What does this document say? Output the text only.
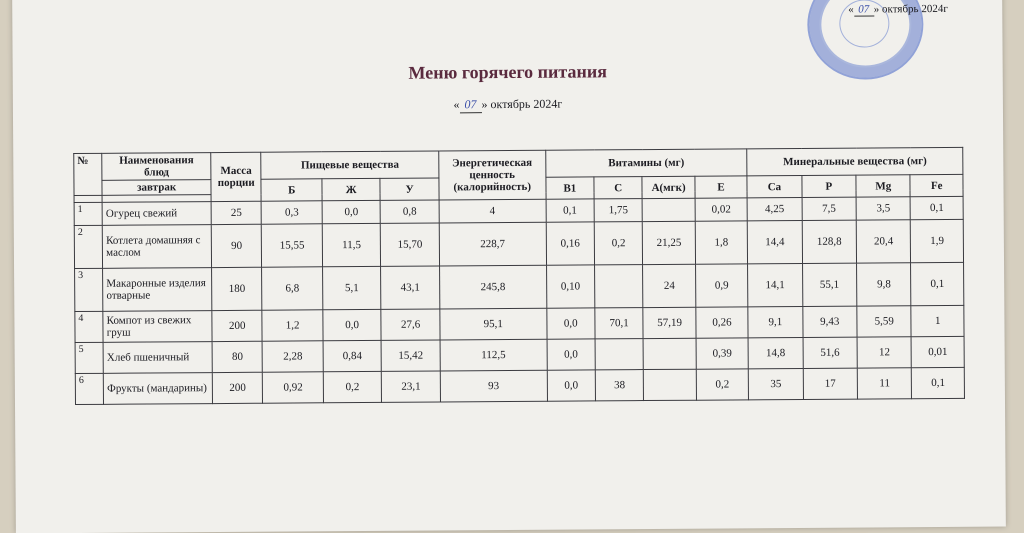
« 07 » октябрь 2024г
Меню горячего питания
« 07 » октябрь 2024г
№	Наименования блюд	Масса порции	Пищевые вещества			Энергетическая ценность (калорийность)	Витамины (мг)				Минеральные вещества (мг)			
	завтрак		Б	Ж	У		B1	C	А(мгк)	E	Ca	P	Mg	Fe

1	Огурец свежий	25	0,3	0,0	0,8	4	0,1	1,75		0,02	4,25	7,5	3,5	0,1
2	Котлета домашняя с маслом	90	15,55	11,5	15,70	228,7	0,16	0,2	21,25	1,8	14,4	128,8	20,4	1,9
3	Макаронные изделия отварные	180	6,8	5,1	43,1	245,8	0,10		24	0,9	14,1	55,1	9,8	0,1
4	Компот из свежих груш	200	1,2	0,0	27,6	95,1	0,0	70,1	57,19	0,26	9,1	9,43	5,59	1
5	Хлеб пшеничный	80	2,28	0,84	15,42	112,5	0,0			0,39	14,8	51,6	12	0,01
6	Фрукты (мандарины)	200	0,92	0,2	23,1	93	0,0	38		0,2	35	17	11	0,1
